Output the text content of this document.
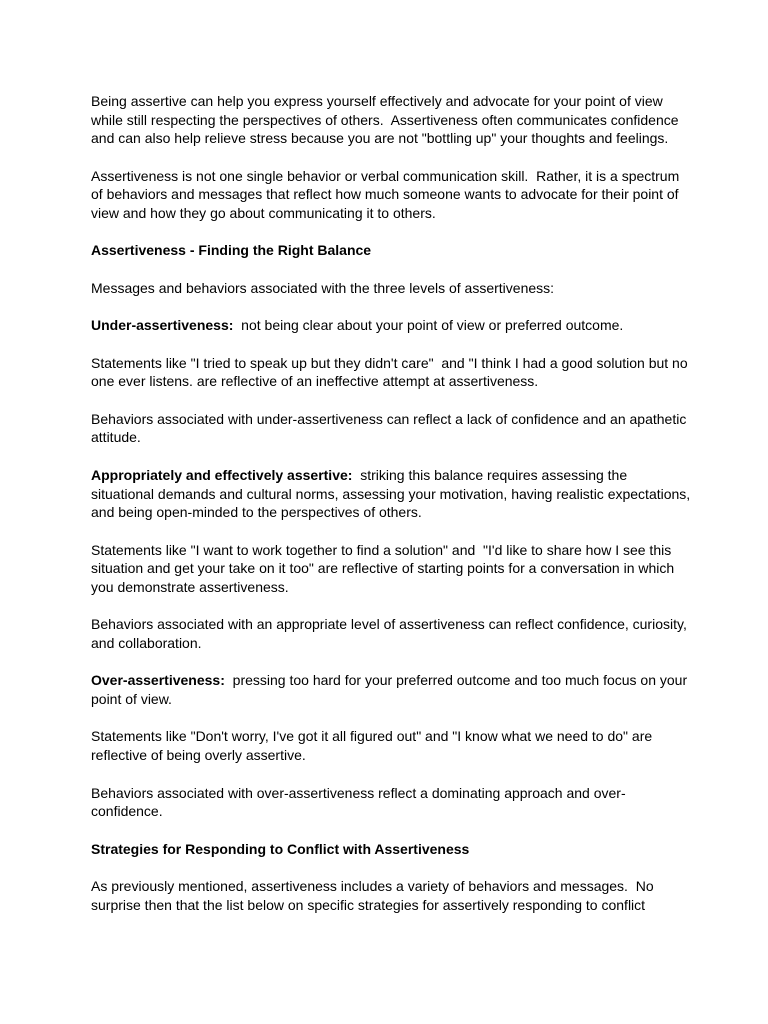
Being assertive can help you express yourself effectively and advocate for your point of view while still respecting the perspectives of others.  Assertiveness often communicates confidence and can also help relieve stress because you are not "bottling up" your thoughts and feelings.

Assertiveness is not one single behavior or verbal communication skill.  Rather, it is a spectrum of behaviors and messages that reflect how much someone wants to advocate for their point of view and how they go about communicating it to others.

Assertiveness - Finding the Right Balance

Messages and behaviors associated with the three levels of assertiveness:

Under-assertiveness:  not being clear about your point of view or preferred outcome.

Statements like "I tried to speak up but they didn't care"  and "I think I had a good solution but no one ever listens. are reflective of an ineffective attempt at assertiveness.

Behaviors associated with under-assertiveness can reflect a lack of confidence and an apathetic attitude.

Appropriately and effectively assertive:  striking this balance requires assessing the situational demands and cultural norms, assessing your motivation, having realistic expectations, and being open-minded to the perspectives of others.

Statements like "I want to work together to find a solution" and  "I'd like to share how I see this situation and get your take on it too" are reflective of starting points for a conversation in which you demonstrate assertiveness.

Behaviors associated with an appropriate level of assertiveness can reflect confidence, curiosity, and collaboration.

Over-assertiveness:  pressing too hard for your preferred outcome and too much focus on your point of view.

Statements like "Don't worry, I've got it all figured out" and "I know what we need to do" are reflective of being overly assertive.

Behaviors associated with over-assertiveness reflect a dominating approach and over-confidence.

Strategies for Responding to Conflict with Assertiveness

As previously mentioned, assertiveness includes a variety of behaviors and messages.  No surprise then that the list below on specific strategies for assertively responding to conflict
